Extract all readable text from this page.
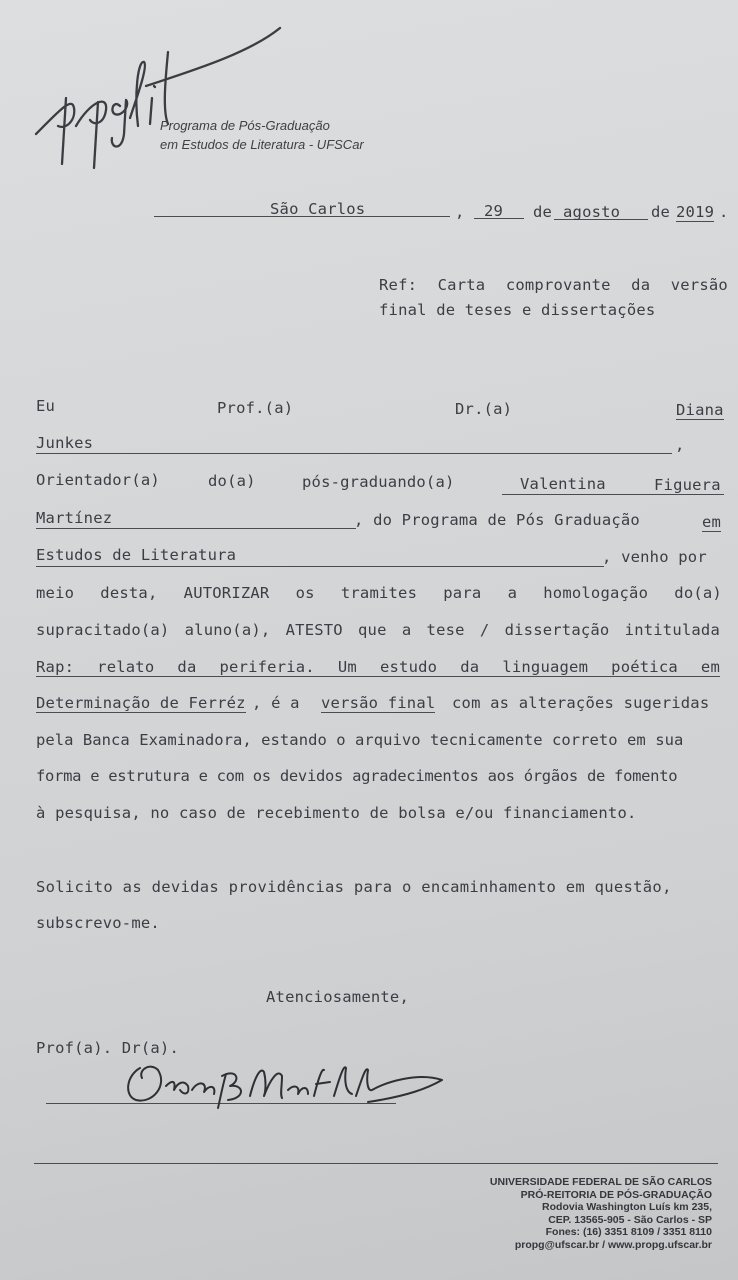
Programa de Pós-Graduação
em Estudos de Literatura - UFSCar
São Carlos	, 29 de agosto de 2019 .
Ref: Carta comprovante da versão
final de teses e dissertações
Eu	Prof.(a)	Dr.(a)	Diana
Junkes	,
Orientador(a)	do(a)	pós-graduando(a)	Valentina	Figuera
Martínez	, do Programa de Pós Graduação	em
Estudos de Literatura	, venho por
meio desta, AUTORIZAR os tramites para a homologação do(a)
supracitado(a) aluno(a), ATESTO que a tese / dissertação intitulada
Rap: relato da periferia. Um estudo da linguagem poética em
Determinação de Ferréz , é a versão final com as alterações sugeridas
pela Banca Examinadora, estando o arquivo tecnicamente correto em sua
forma e estrutura e com os devidos agradecimentos aos órgãos de fomento
à pesquisa, no caso de recebimento de bolsa e/ou financiamento.
Solicito as devidas providências para o encaminhamento em questão,
subscrevo-me.
Atenciosamente,
Prof(a). Dr(a).
UNIVERSIDADE FEDERAL DE SÃO CARLOS
PRÓ-REITORIA DE PÓS-GRADUAÇÃO
Rodovia Washington Luís km 235,
CEP. 13565-905 - São Carlos - SP
Fones: (16) 3351 8109 / 3351 8110
propg@ufscar.br / www.propg.ufscar.br
